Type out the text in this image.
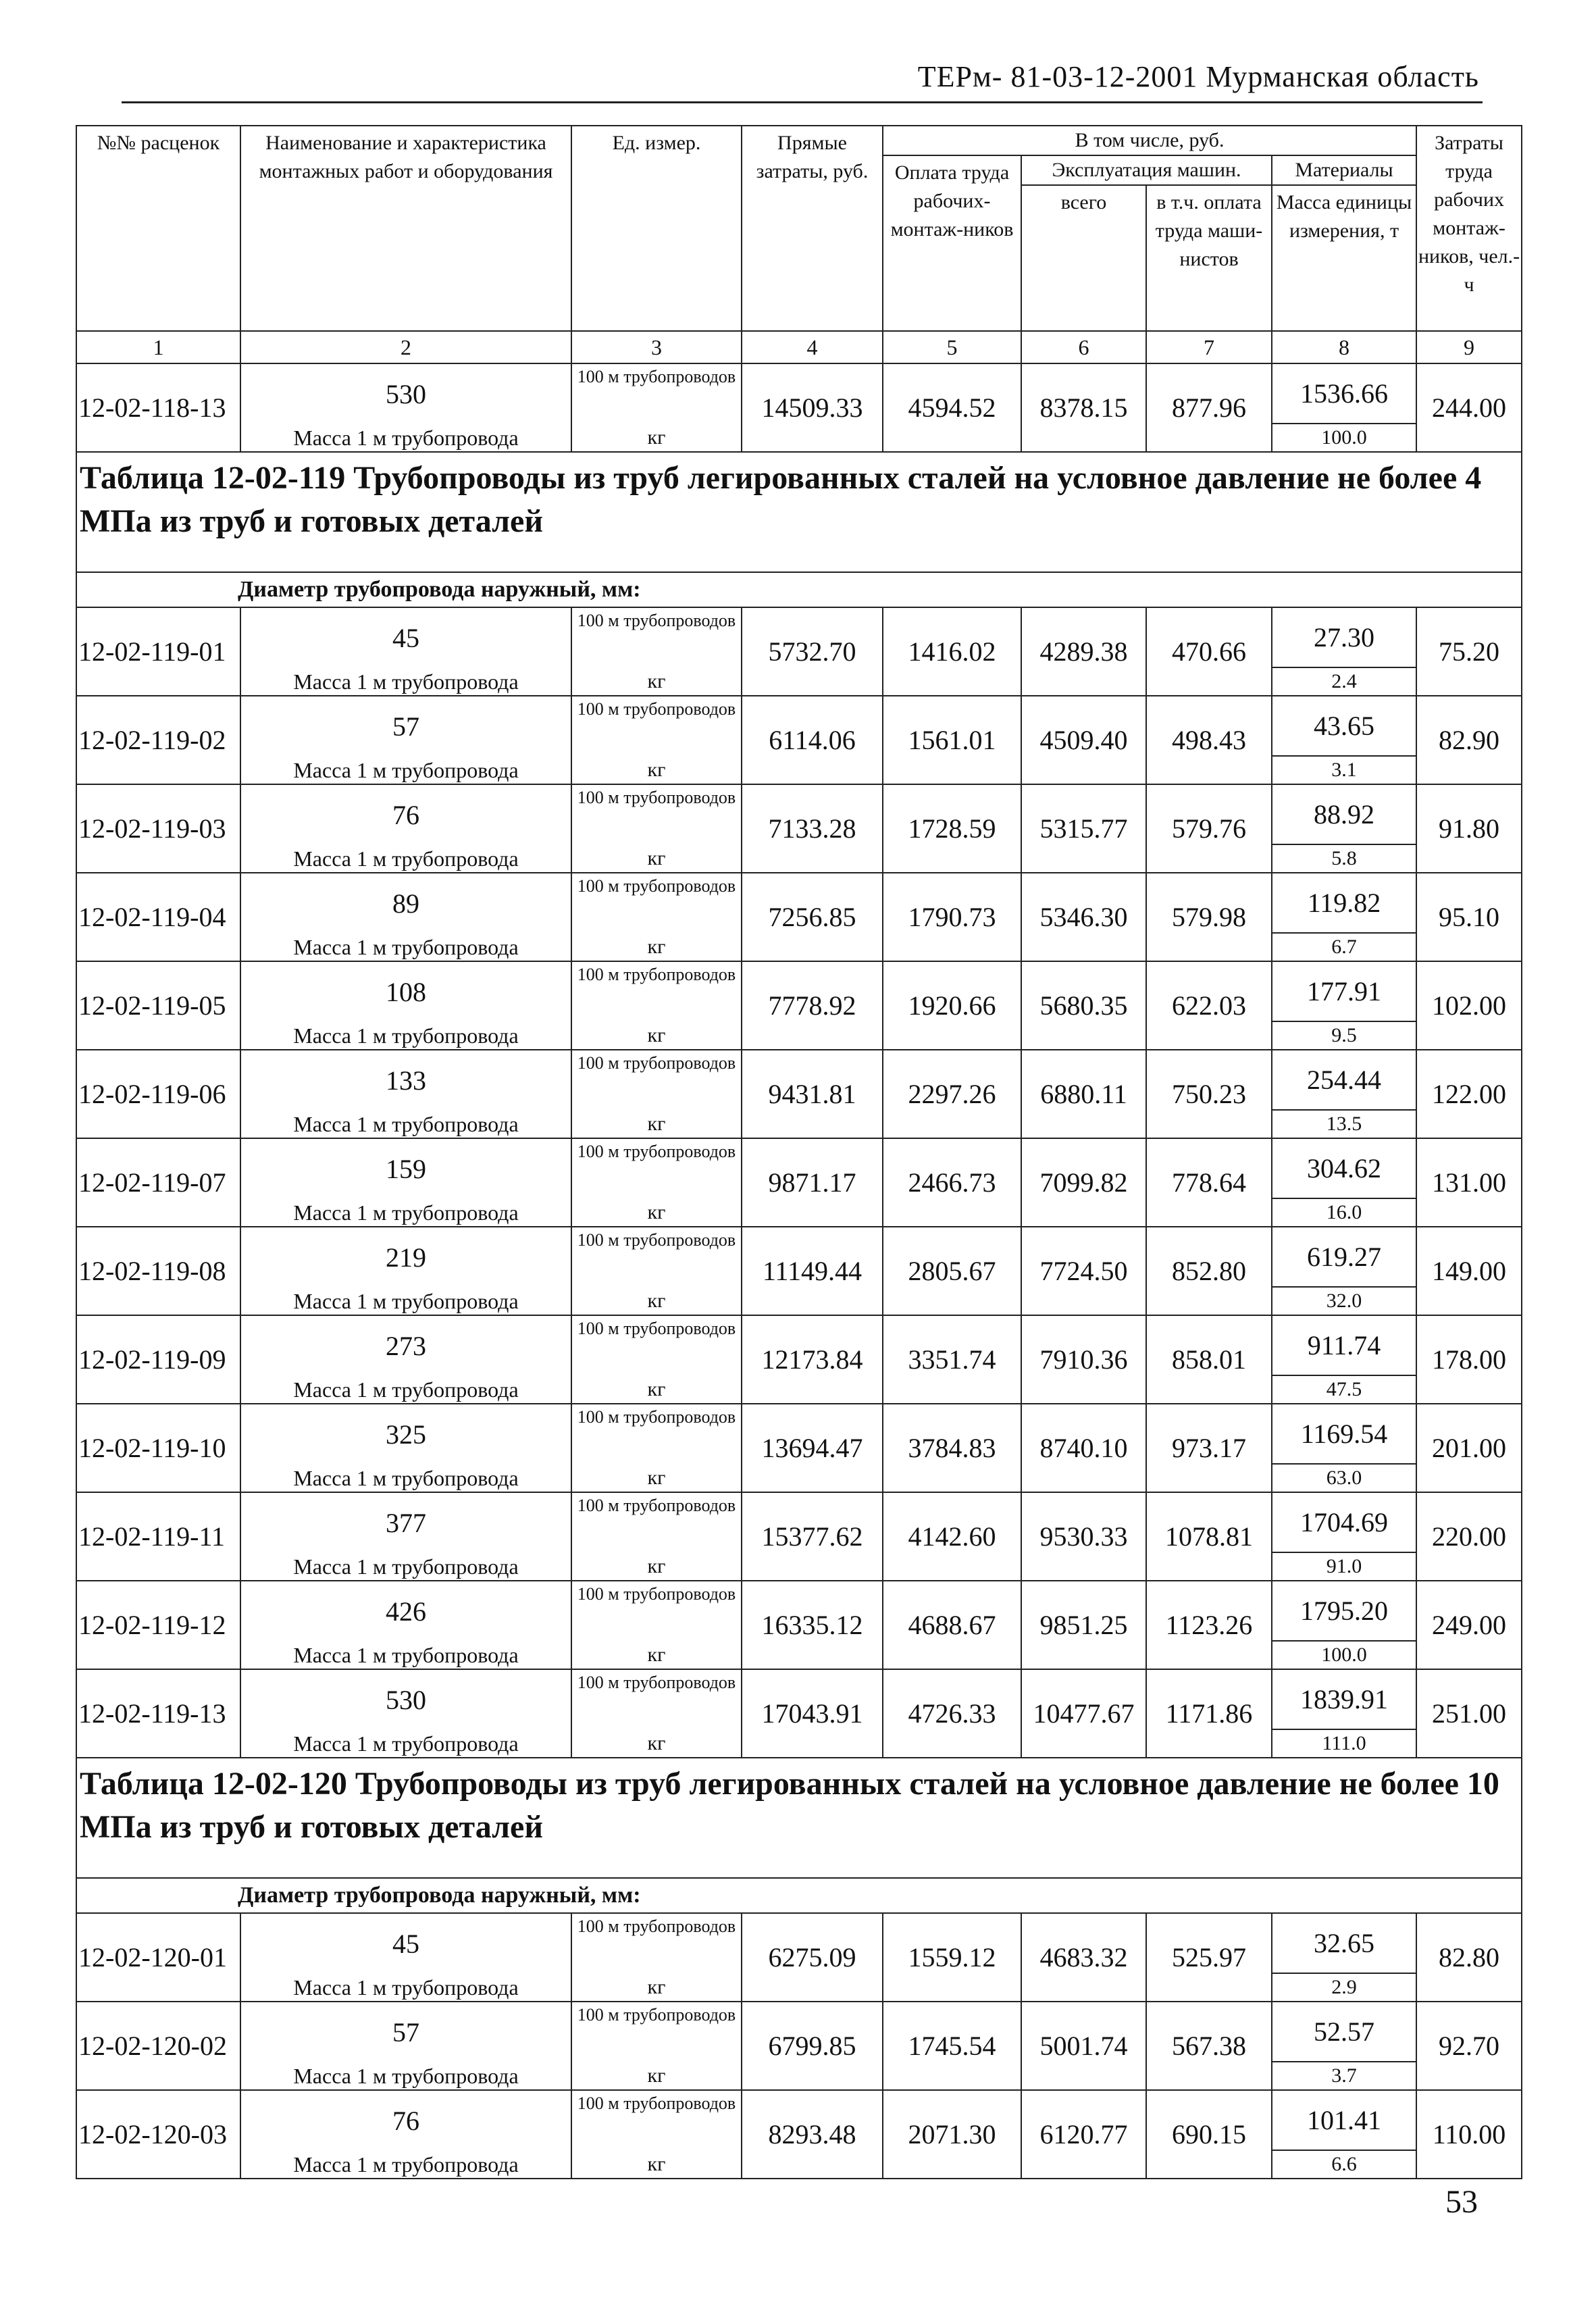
ТЕРм- 81-03-12-2001 Мурманская область
№№ расценок	Наименование и характеристика монтажных работ и оборудования	Ед. измер.	Прямые затраты, руб.	В том числе, руб.				Затраты труда рабочих монтаж-ников, чел.-ч
				Оплата труда рабочих-монтаж-ников	Эксплуатация машин.		Материалы	
					всего	в т.ч. оплата труда маши-нистов	Масса единицы измерения, т	
1	2	3	4	5	6	7	8	9
12-02-118-13	530	100 м трубопроводов	14509.33	4594.52	8378.15	877.96	1536.66	244.00
	Масса 1 м трубопровода	кг					100.0	
Таблица 12-02-119 Трубопроводы из труб легированных сталей на условное давление не более 4 МПа из труб и готовых деталей								
Диаметр трубопровода наружный, мм:								
12-02-119-01	45	100 м трубопроводов	5732.70	1416.02	4289.38	470.66	27.30	75.20
	Масса 1 м трубопровода	кг					2.4	
12-02-119-02	57	100 м трубопроводов	6114.06	1561.01	4509.40	498.43	43.65	82.90
	Масса 1 м трубопровода	кг					3.1	
12-02-119-03	76	100 м трубопроводов	7133.28	1728.59	5315.77	579.76	88.92	91.80
	Масса 1 м трубопровода	кг					5.8	
12-02-119-04	89	100 м трубопроводов	7256.85	1790.73	5346.30	579.98	119.82	95.10
	Масса 1 м трубопровода	кг					6.7	
12-02-119-05	108	100 м трубопроводов	7778.92	1920.66	5680.35	622.03	177.91	102.00
	Масса 1 м трубопровода	кг					9.5	
12-02-119-06	133	100 м трубопроводов	9431.81	2297.26	6880.11	750.23	254.44	122.00
	Масса 1 м трубопровода	кг					13.5	
12-02-119-07	159	100 м трубопроводов	9871.17	2466.73	7099.82	778.64	304.62	131.00
	Масса 1 м трубопровода	кг					16.0	
12-02-119-08	219	100 м трубопроводов	11149.44	2805.67	7724.50	852.80	619.27	149.00
	Масса 1 м трубопровода	кг					32.0	
12-02-119-09	273	100 м трубопроводов	12173.84	3351.74	7910.36	858.01	911.74	178.00
	Масса 1 м трубопровода	кг					47.5	
12-02-119-10	325	100 м трубопроводов	13694.47	3784.83	8740.10	973.17	1169.54	201.00
	Масса 1 м трубопровода	кг					63.0	
12-02-119-11	377	100 м трубопроводов	15377.62	4142.60	9530.33	1078.81	1704.69	220.00
	Масса 1 м трубопровода	кг					91.0	
12-02-119-12	426	100 м трубопроводов	16335.12	4688.67	9851.25	1123.26	1795.20	249.00
	Масса 1 м трубопровода	кг					100.0	
12-02-119-13	530	100 м трубопроводов	17043.91	4726.33	10477.67	1171.86	1839.91	251.00
	Масса 1 м трубопровода	кг					111.0	
Таблица 12-02-120 Трубопроводы из труб легированных сталей на условное давление не более 10 МПа из труб и готовых деталей								
Диаметр трубопровода наружный, мм:								
12-02-120-01	45	100 м трубопроводов	6275.09	1559.12	4683.32	525.97	32.65	82.80
	Масса 1 м трубопровода	кг					2.9	
12-02-120-02	57	100 м трубопроводов	6799.85	1745.54	5001.74	567.38	52.57	92.70
	Масса 1 м трубопровода	кг					3.7	
12-02-120-03	76	100 м трубопроводов	8293.48	2071.30	6120.77	690.15	101.41	110.00
	Масса 1 м трубопровода	кг					6.6	
53
